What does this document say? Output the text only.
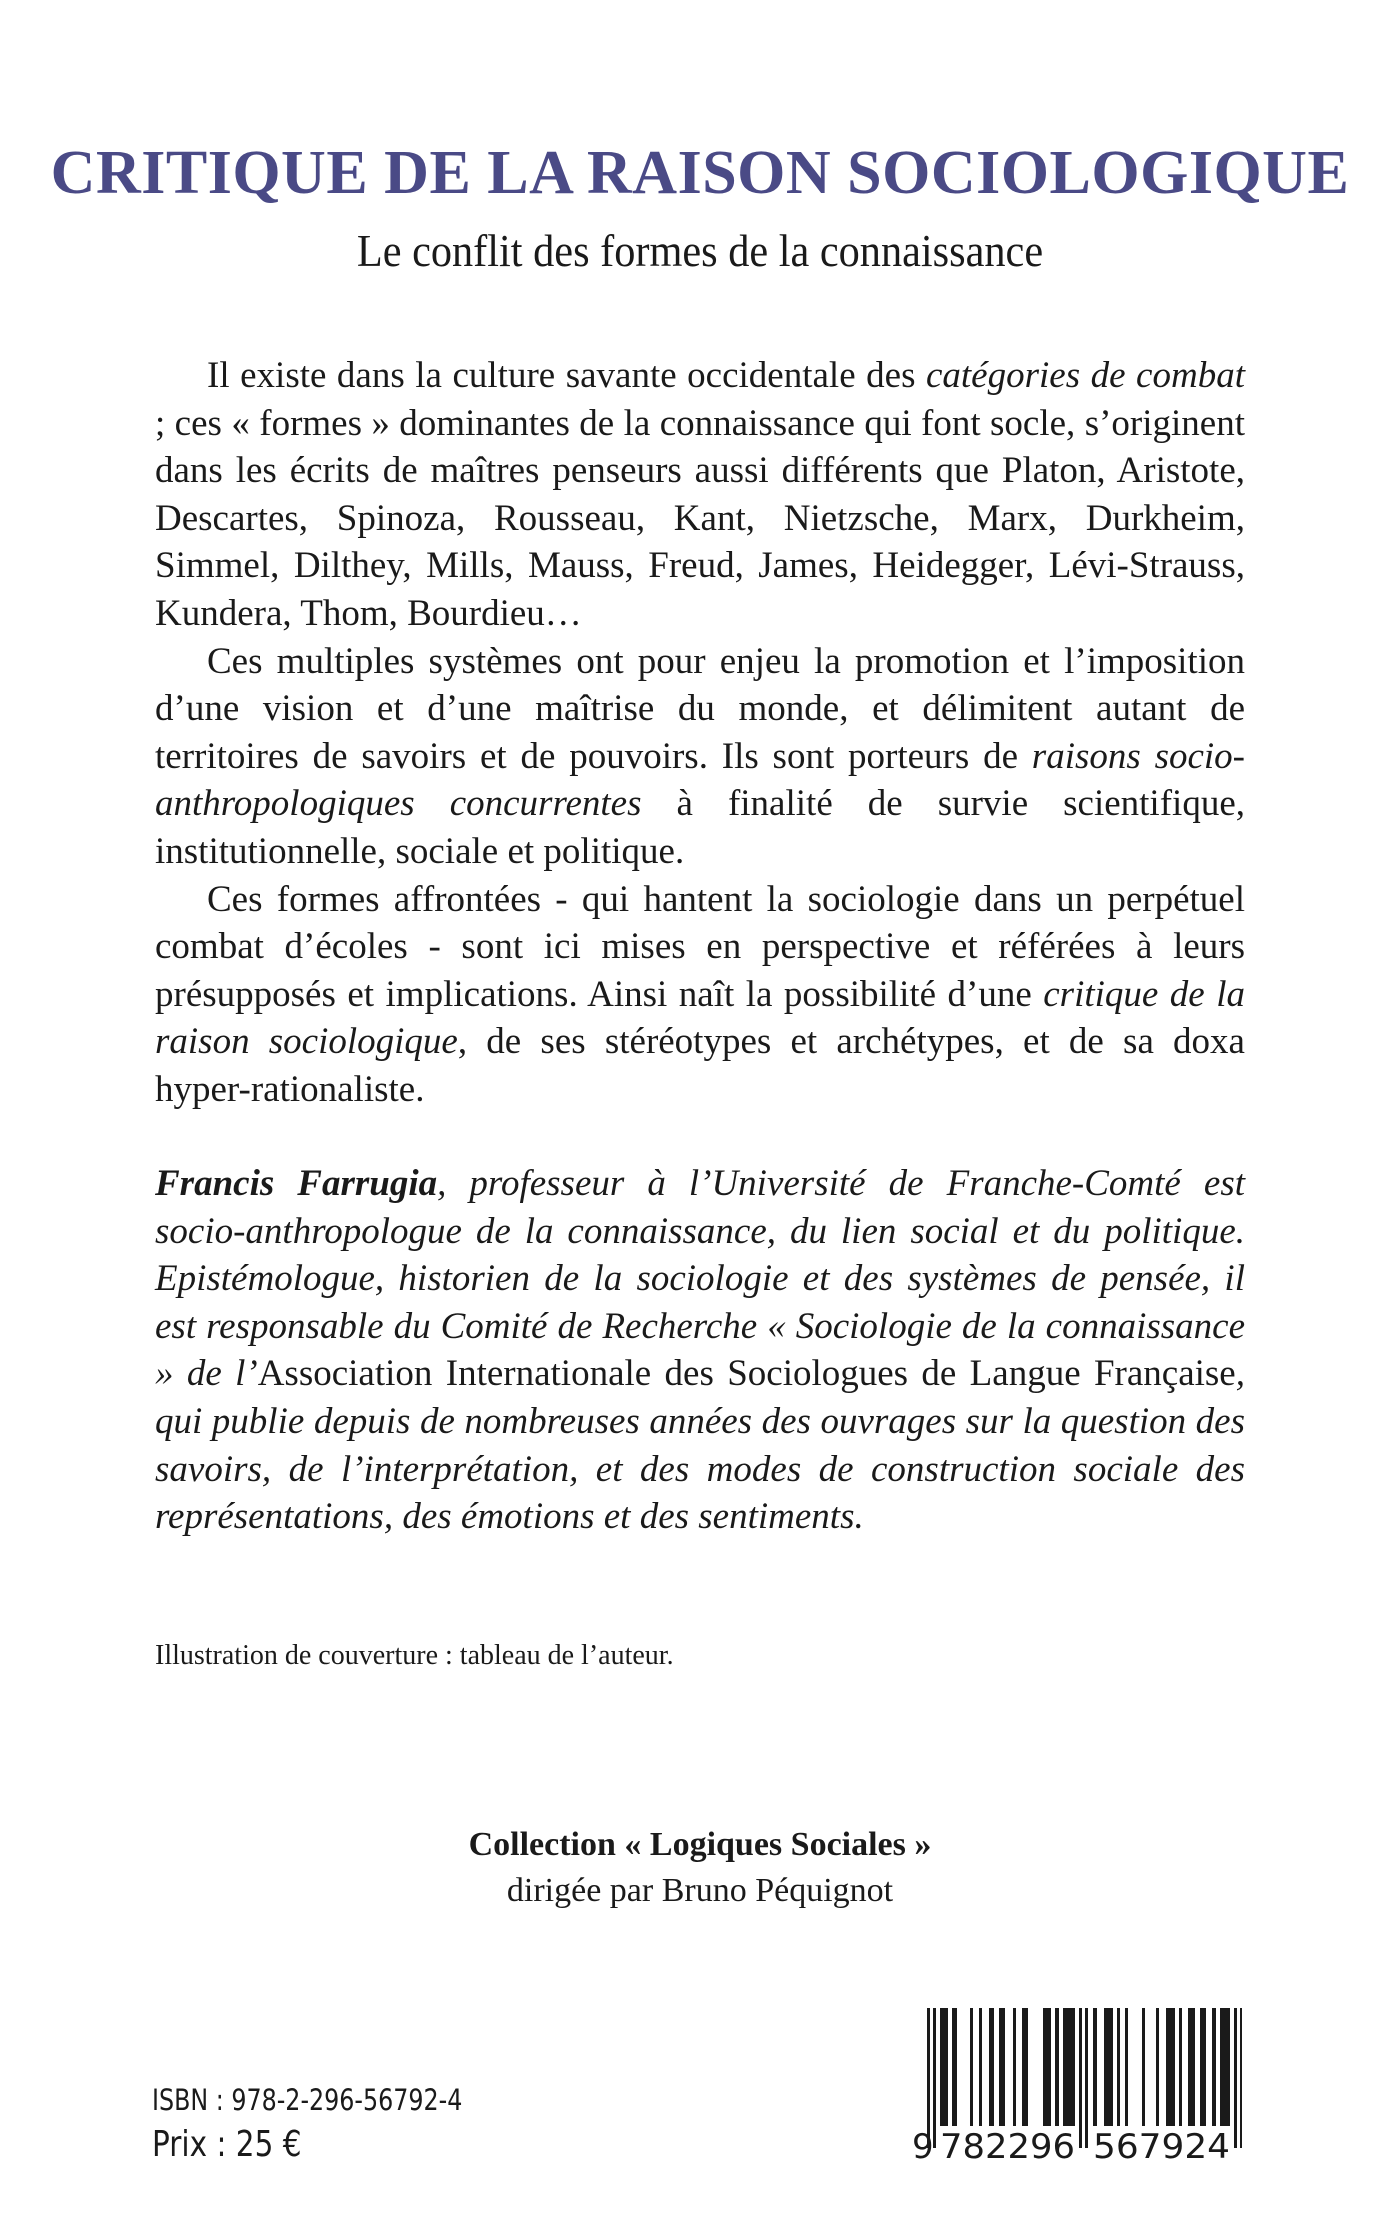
CRITIQUE DE LA RAISON SOCIOLOGIQUE
Le conflit des formes de la connaissance

Il existe dans la culture savante occidentale des catégories de combat ; ces « formes » dominantes de la connaissance qui font socle, s’originent dans les écrits de maîtres penseurs aussi différents que Platon, Aristote, Descartes, Spinoza, Rousseau, Kant, Nietzsche, Marx, Durkheim, Simmel, Dilthey, Mills, Mauss, Freud, James, Heidegger, Lévi-Strauss, Kundera, Thom, Bourdieu…

Ces multiples systèmes ont pour enjeu la promotion et l’imposition d’une vision et d’une maîtrise du monde, et délimitent autant de territoires de savoirs et de pouvoirs. Ils sont porteurs de raisons socio-anthropologiques concurrentes à finalité de survie scientifique, institutionnelle, sociale et politique.

Ces formes affrontées - qui hantent la sociologie dans un perpétuel combat d’écoles - sont ici mises en perspective et référées à leurs présupposés et implications. Ainsi naît la possibilité d’une critique de la raison sociologique, de ses stéréotypes et archétypes, et de sa doxa hyper-rationaliste.

Francis Farrugia, professeur à l’Université de Franche-Comté est socio-anthropologue de la connaissance, du lien social et du politique. Epistémologue, historien de la sociologie et des systèmes de pensée, il est responsable du Comité de Recherche « Sociologie de la connaissance » de l’Association Internationale des Sociologues de Langue Française, qui publie depuis de nombreuses années des ouvrages sur la question des savoirs, de l’interprétation, et des modes de construction sociale des représentations, des émotions et des sentiments.

Illustration de couverture : tableau de l’auteur.
Collection « Logiques Sociales »
dirigée par Bruno Péquignot
ISBN : 978-2-296-56792-4
Prix : 25 €	9 782296 567924
